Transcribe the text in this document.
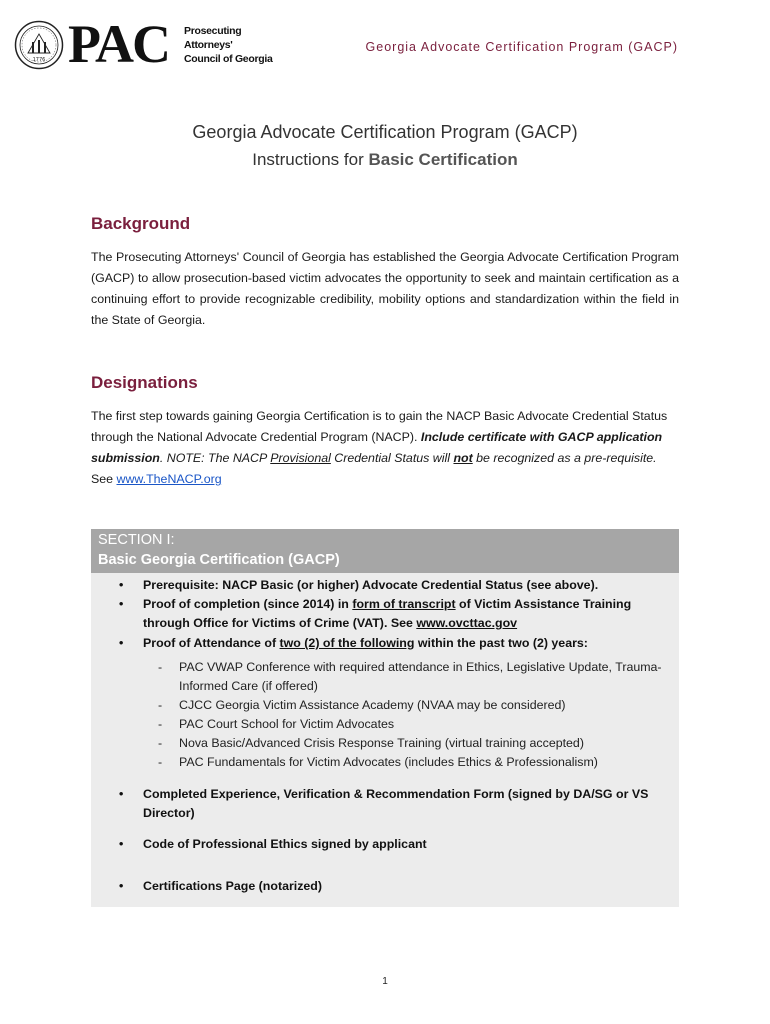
1776 PAC Prosecuting
Attorneys'
Council of Georgia
Georgia Advocate Certification Program (GACP)
Georgia Advocate Certification Program (GACP)
Instructions for Basic Certification
Background
The Prosecuting Attorneys' Council of Georgia has established the Georgia Advocate Certification Program (GACP) to allow prosecution-based victim advocates the opportunity to seek and maintain certification as a continuing effort to provide recognizable credibility, mobility options and standardization within the field in the State of Georgia.
Designations
The first step towards gaining Georgia Certification is to gain the NACP Basic Advocate Credential Status through the National Advocate Credential Program (NACP). Include certificate with GACP application submission. NOTE: The NACP Provisional Credential Status will not be recognized as a pre-requisite. See www.TheNACP.org
SECTION I:
Basic Georgia Certification (GACP)
• Prerequisite: NACP Basic (or higher) Advocate Credential Status (see above).
• Proof of completion (since 2014) in form of transcript of Victim Assistance Training through Office for Victims of Crime (VAT). See www.ovcttac.gov
• Proof of Attendance of two (2) of the following within the past two (2) years:
- PAC VWAP Conference with required attendance in Ethics, Legislative Update, Trauma-Informed Care (if offered)
- CJCC Georgia Victim Assistance Academy (NVAA may be considered)
- PAC Court School for Victim Advocates
- Nova Basic/Advanced Crisis Response Training (virtual training accepted)
- PAC Fundamentals for Victim Advocates (includes Ethics & Professionalism)
• Completed Experience, Verification & Recommendation Form (signed by DA/SG or VS Director)
• Code of Professional Ethics signed by applicant
• Certifications Page (notarized)
1
